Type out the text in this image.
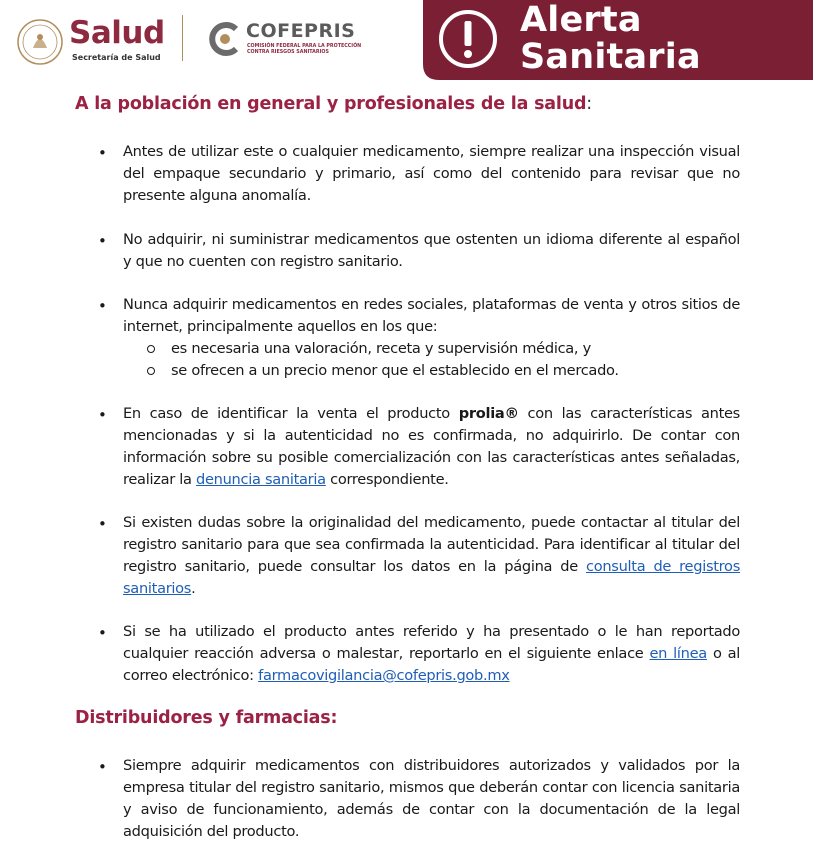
Salud
Secretaría de Salud
COFEPRIS
COMISIÓN FEDERAL PARA LA PROTECCIÓN CONTRA RIESGOS SANITARIOS
Alerta
Sanitaria
A la población en general y profesionales de la salud:
• Antes de utilizar este o cualquier medicamento, siempre realizar una inspección visual del empaque secundario y primario, así como del contenido para revisar que no presente alguna anomalía.
• No adquirir, ni suministrar medicamentos que ostenten un idioma diferente al español y que no cuenten con registro sanitario.
• Nunca adquirir medicamentos en redes sociales, plataformas de venta y otros sitios de internet, principalmente aquellos en los que:
es necesaria una valoración, receta y supervisión médica, y
se ofrecen a un precio menor que el establecido en el mercado.
• En caso de identificar la venta el producto prolia® con las características antes mencionadas y si la autenticidad no es confirmada, no adquirirlo. De contar con información sobre su posible comercialización con las características antes señaladas, realizar la denuncia sanitaria correspondiente.
• Si existen dudas sobre la originalidad del medicamento, puede contactar al titular del registro sanitario para que sea confirmada la autenticidad. Para identificar al titular del registro sanitario, puede consultar los datos en la página de consulta de registros sanitarios.
• Si se ha utilizado el producto antes referido y ha presentado o le han reportado cualquier reacción adversa o malestar, reportarlo en el siguiente enlace en línea o al correo electrónico: farmacovigilancia@cofepris.gob.mx
Distribuidores y farmacias:
• Siempre adquirir medicamentos con distribuidores autorizados y validados por la empresa titular del registro sanitario, mismos que deberán contar con licencia sanitaria y aviso de funcionamiento, además de contar con la documentación de la legal adquisición del producto.
